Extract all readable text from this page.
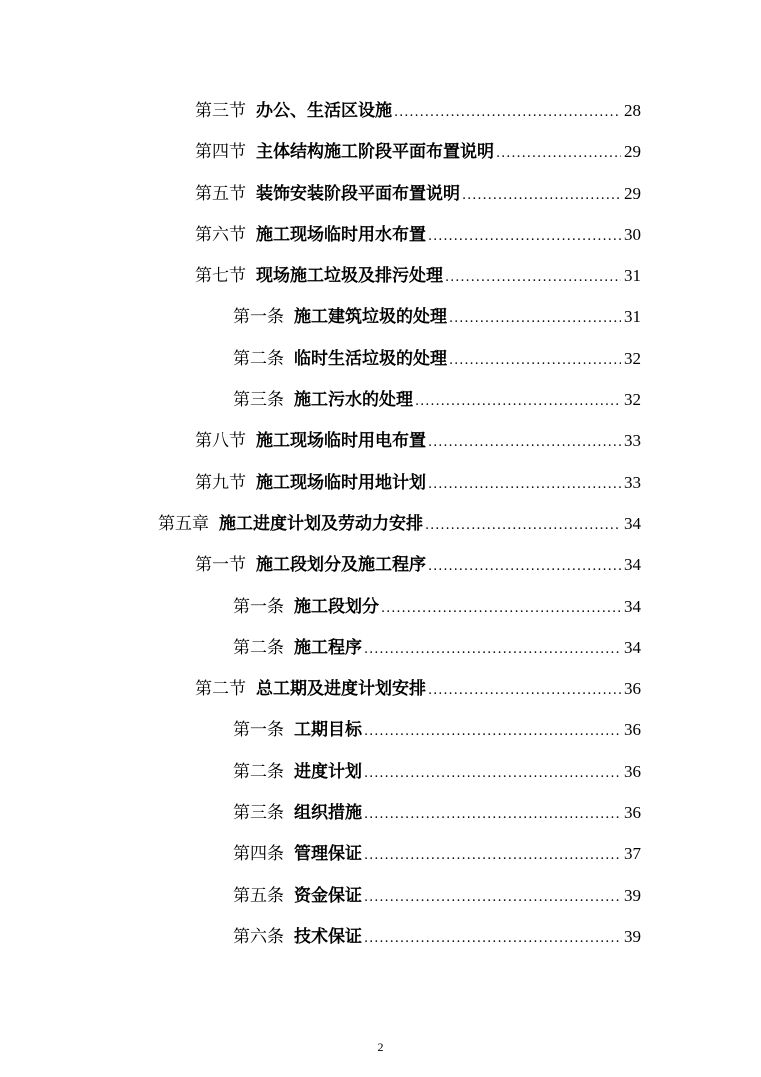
第三节 办公、生活区设施 .....	28
第四节 主体结构施工阶段平面布置说明 .....	29
第五节 装饰安装阶段平面布置说明 .....	29
第六节 施工现场临时用水布置 .....	30
第七节 现场施工垃圾及排污处理 .....	31
第一条 施工建筑垃圾的处理 .....	31
第二条 临时生活垃圾的处理 .....	32
第三条 施工污水的处理 .....	32
第八节 施工现场临时用电布置 .....	33
第九节 施工现场临时用地计划 .....	33
第五章 施工进度计划及劳动力安排 .....	34
第一节 施工段划分及施工程序 .....	34
第一条 施工段划分 .....	34
第二条 施工程序 .....	34
第二节 总工期及进度计划安排 .....	36
第一条 工期目标 .....	36
第二条 进度计划 .....	36
第三条 组织措施 .....	36
第四条 管理保证 .....	37
第五条 资金保证 .....	39
第六条 技术保证 .....	39
2
